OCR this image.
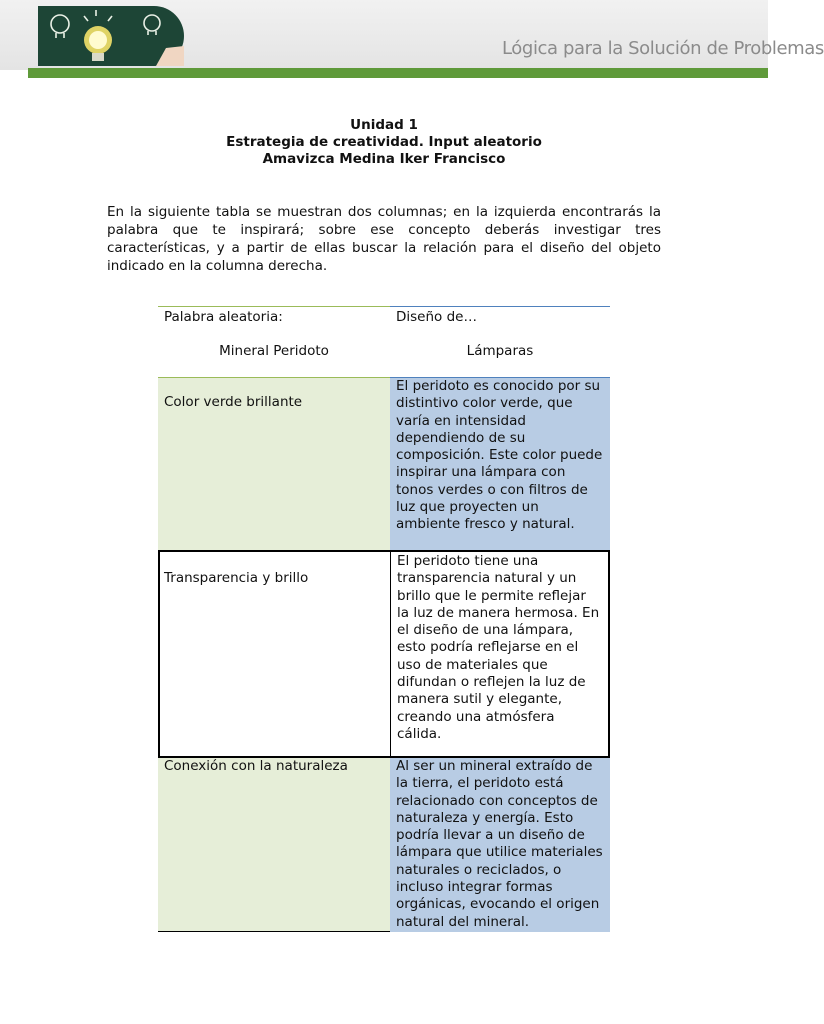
Lógica para la Solución de Problemas
Unidad 1
Estrategia de creatividad. Input aleatorio
Amavizca Medina Iker Francisco
En la siguiente tabla se muestran dos columnas; en la izquierda encontrarás la palabra que te inspirará; sobre ese concepto deberás investigar tres características, y a partir de ellas buscar la relación para el diseño del objeto indicado en la columna derecha.
Palabra aleatoria:
Mineral Peridoto
Diseño de…
Lámparas
Color verde brillante
El peridoto es conocido por su distintivo color verde, que varía en intensidad dependiendo de su composición. Este color puede inspirar una lámpara con tonos verdes o con filtros de luz que proyecten un ambiente fresco y natural.
Transparencia y brillo
El peridoto tiene una transparencia natural y un brillo que le permite reflejar la luz de manera hermosa. En el diseño de una lámpara, esto podría reflejarse en el uso de materiales que difundan o reflejen la luz de manera sutil y elegante, creando una atmósfera cálida.
Conexión con la naturaleza	Al ser un mineral extraído de la tierra, el peridoto está relacionado con conceptos de naturaleza y energía. Esto podría llevar a un diseño de lámpara que utilice materiales naturales o reciclados, o incluso integrar formas orgánicas, evocando el origen natural del mineral.
